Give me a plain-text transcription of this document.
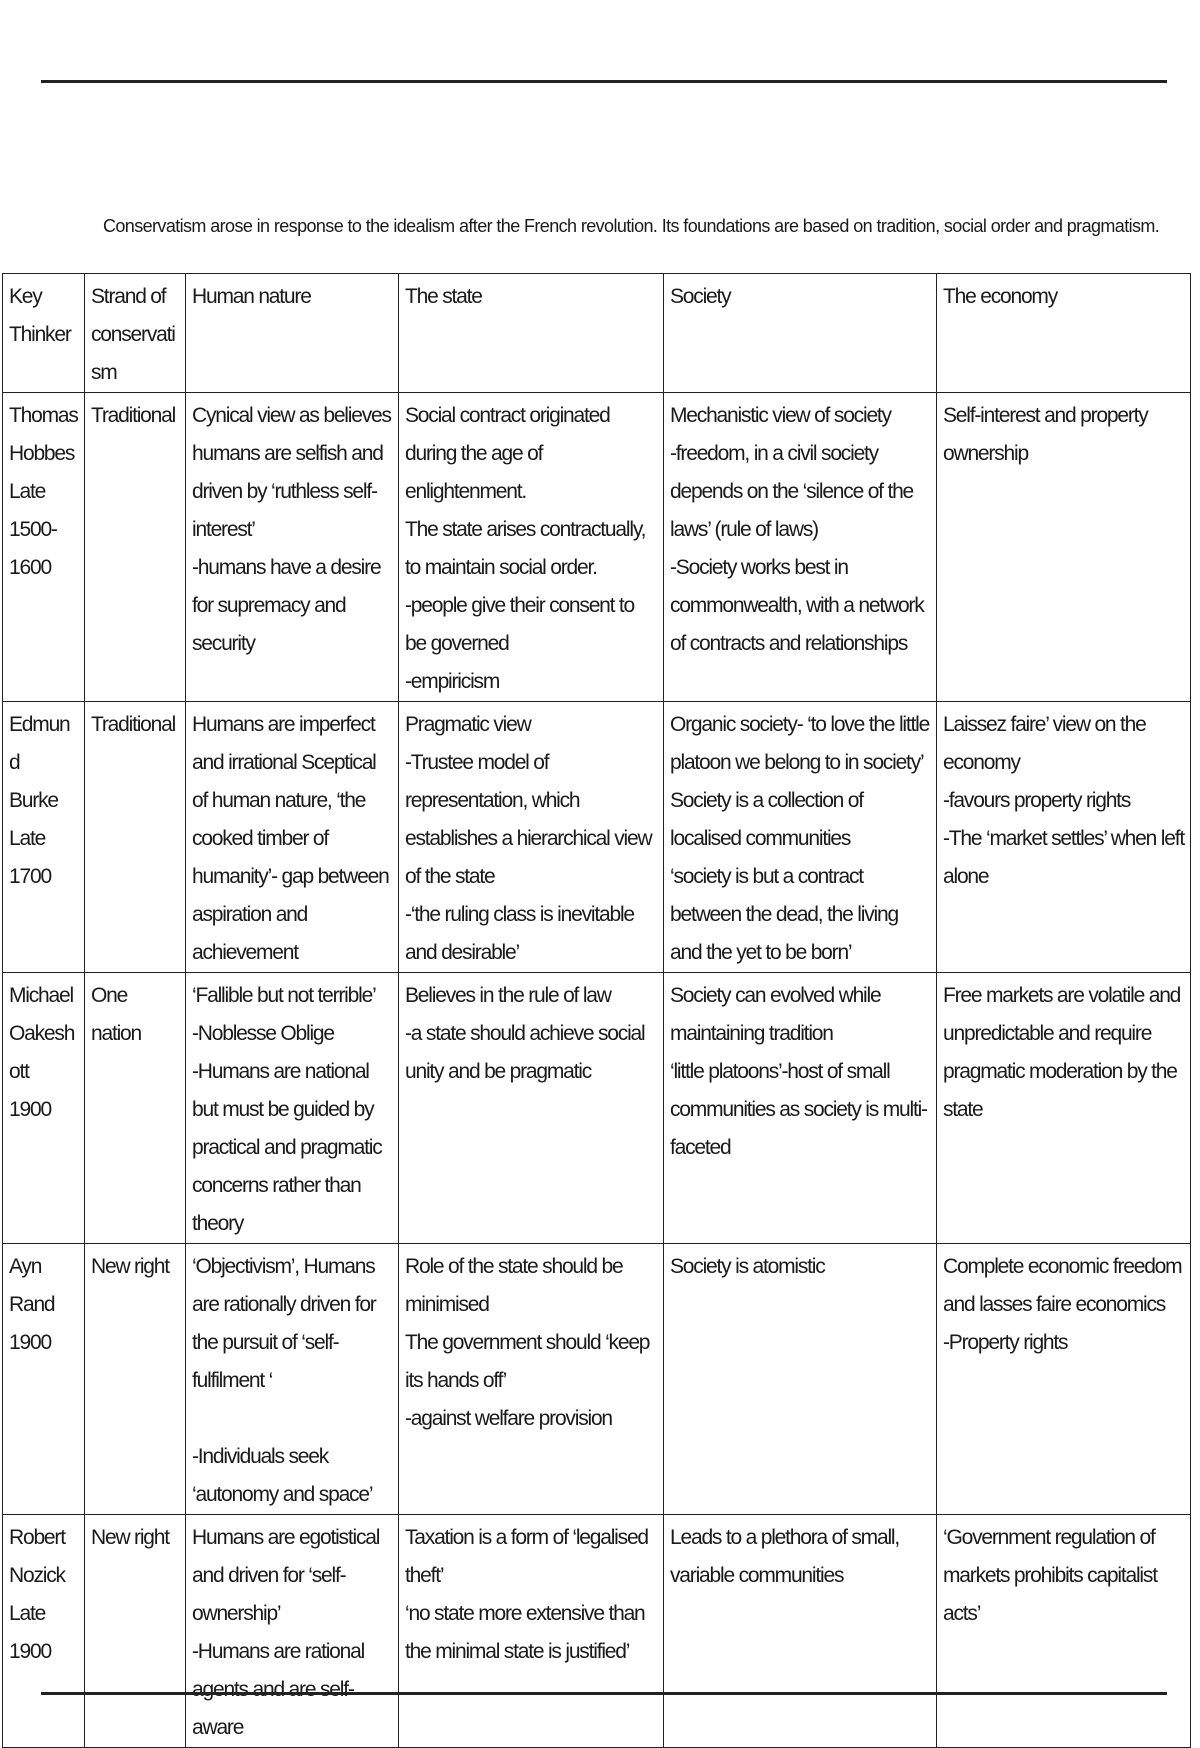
Conservatism arose in response to the idealism after the French revolution. Its foundations are based on tradition, social order and pragmatism.
Key Thinker	Strand of conservatism	Human nature	The state	Society	The economy

Thomas
Hobbes
Late
1500-
1600	Traditional	Cynical view as believes humans are selfish and driven by ‘ruthless self-interest’
-humans have a desire for supremacy and security	Social contract originated during the age of enlightenment.
The state arises contractually, to maintain social order.
-people give their consent to be governed
-empiricism	Mechanistic view of society
-freedom, in a civil society depends on the ‘silence of the laws’ (rule of laws)
-Society works best in commonwealth, with a network of contracts and relationships	Self-interest and property ownership

Edmund
Burke
Late 1700	Traditional	Humans are imperfect and irrational Sceptical of human nature, ‘the cooked timber of humanity’- gap between aspiration and achievement	Pragmatic view
-Trustee model of representation, which establishes a hierarchical view of the state
-‘the ruling class is inevitable and desirable’	Organic society- ‘to love the little platoon we belong to in society’
Society is a collection of localised communities
‘society is but a contract between the dead, the living and the yet to be born’	Laissez faire’ view on the economy
-favours property rights
-The ‘market settles’ when left alone

Michael
Oakeshott
1900	One nation	‘Fallible but not terrible’
-Noblesse Oblige
-Humans are national but must be guided by practical and pragmatic concerns rather than theory	Believes in the rule of law
-a state should achieve social unity and be pragmatic	Society can evolved while maintaining tradition
‘little platoons’-host of small communities as society is multi-faceted	Free markets are volatile and unpredictable and require pragmatic moderation by the state

Ayn Rand
1900	New right	‘Objectivism’, Humans are rationally driven for the pursuit of ‘self-fulfilment ‘

-Individuals seek ‘autonomy and space’	Role of the state should be minimised
The government should ‘keep its hands off’
-against welfare provision	Society is atomistic	Complete economic freedom and lasses faire economics
-Property rights

Robert
Nozick
Late 1900	New right	Humans are egotistical and driven for ‘self-ownership’
-Humans are rational agents and are self-aware	Taxation is a form of ‘legalised theft’
‘no state more extensive than the minimal state is justified’	Leads to a plethora of small, variable communities	‘Government regulation of markets prohibits capitalist acts’
